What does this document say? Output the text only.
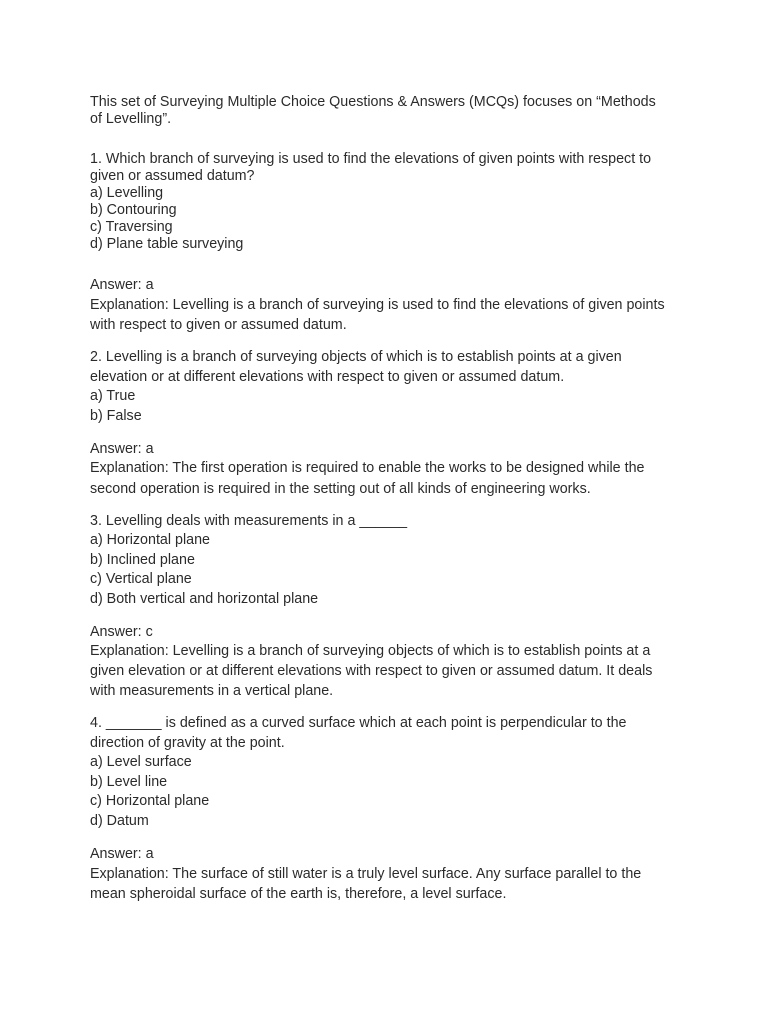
This set of Surveying Multiple Choice Questions & Answers (MCQs) focuses on “Methods
of Levelling”.
1. Which branch of surveying is used to find the elevations of given points with respect to
given or assumed datum?
a) Levelling
b) Contouring
c) Traversing
d) Plane table surveying
Answer: a
Explanation: Levelling is a branch of surveying is used to find the elevations of given points
with respect to given or assumed datum.
2. Levelling is a branch of surveying objects of which is to establish points at a given
elevation or at different elevations with respect to given or assumed datum.
a) True
b) False
Answer: a
Explanation: The first operation is required to enable the works to be designed while the
second operation is required in the setting out of all kinds of engineering works.
3. Levelling deals with measurements in a ______
a) Horizontal plane
b) Inclined plane
c) Vertical plane
d) Both vertical and horizontal plane
Answer: c
Explanation: Levelling is a branch of surveying objects of which is to establish points at a
given elevation or at different elevations with respect to given or assumed datum. It deals
with measurements in a vertical plane.
4. _______ is defined as a curved surface which at each point is perpendicular to the
direction of gravity at the point.
a) Level surface
b) Level line
c) Horizontal plane
d) Datum
Answer: a
Explanation: The surface of still water is a truly level surface. Any surface parallel to the
mean spheroidal surface of the earth is, therefore, a level surface.
